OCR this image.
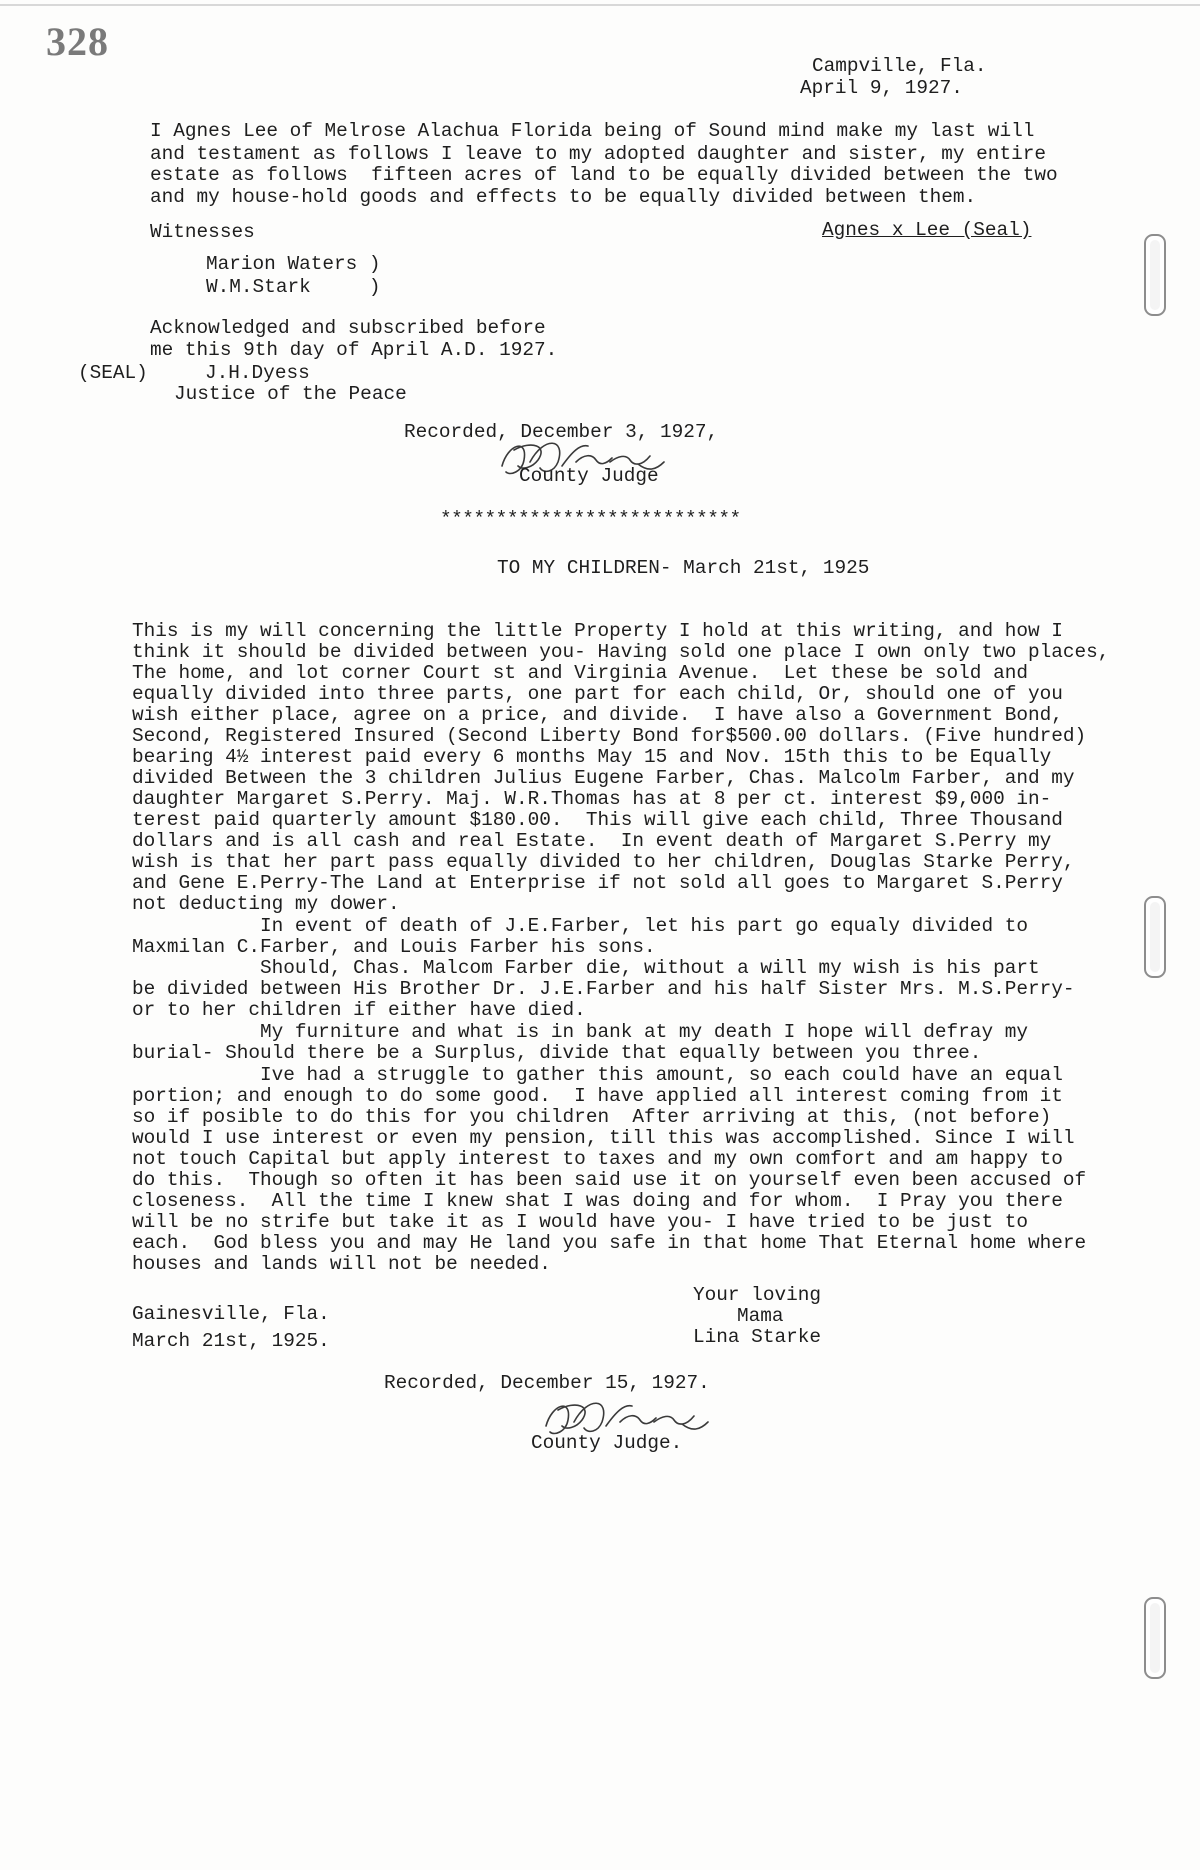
328
Campville, Fla.
April 9, 1927.
I Agnes Lee of Melrose Alachua Florida being of Sound mind make my last will
and testament as follows I leave to my adopted daughter and sister, my entire
estate as follows  fifteen acres of land to be equally divided between the two
and my house-hold goods and effects to be equally divided between them.
Witnesses	Agnes x Lee (Seal)
Marion Waters )
W.M.Stark     )
Acknowledged and subscribed before
me this 9th day of April A.D. 1927.
(SEAL)	J.H.Dyess
Justice of the Peace
Recorded, December 3, 1927,
County Judge
***************************
TO MY CHILDREN- March 21st, 1925
This is my will concerning the little Property I hold at this writing, and how I
think it should be divided between you- Having sold one place I own only two places,
The home, and lot corner Court st and Virginia Avenue.  Let these be sold and
equally divided into three parts, one part for each child, Or, should one of you
wish either place, agree on a price, and divide.  I have also a Government Bond,
Second, Registered Insured (Second Liberty Bond for$500.00 dollars. (Five hundred)
bearing 4½ interest paid every 6 months May 15 and Nov. 15th this to be Equally
divided Between the 3 children Julius Eugene Farber, Chas. Malcolm Farber, and my
daughter Margaret S.Perry. Maj. W.R.Thomas has at 8 per ct. interest $9,000 in-
terest paid quarterly amount $180.00.  This will give each child, Three Thousand
dollars and is all cash and real Estate.  In event death of Margaret S.Perry my
wish is that her part pass equally divided to her children, Douglas Starke Perry,
and Gene E.Perry-The Land at Enterprise if not sold all goes to Margaret S.Perry
not deducting my dower.
In event of death of J.E.Farber, let his part go equaly divided to
Maxmilan C.Farber, and Louis Farber his sons.
Should, Chas. Malcom Farber die, without a will my wish is his part
be divided between His Brother Dr. J.E.Farber and his half Sister Mrs. M.S.Perry-
or to her children if either have died.
My furniture and what is in bank at my death I hope will defray my
burial- Should there be a Surplus, divide that equally between you three.
Ive had a struggle to gather this amount, so each could have an equal
portion; and enough to do some good.  I have applied all interest coming from it
so if posible to do this for you children  After arriving at this, (not before)
would I use interest or even my pension, till this was accomplished. Since I will
not touch Capital but apply interest to taxes and my own comfort and am happy to
do this.  Though so often it has been said use it on yourself even been accused of
closeness.  All the time I knew shat I was doing and for whom.  I Pray you there
will be no strife but take it as I would have you- I have tried to be just to
each.  God bless you and may He land you safe in that home That Eternal home where
houses and lands will not be needed.
Your loving
Mama
Lina Starke
Gainesville, Fla.
March 21st, 1925.
Recorded, December 15, 1927.
County Judge.
